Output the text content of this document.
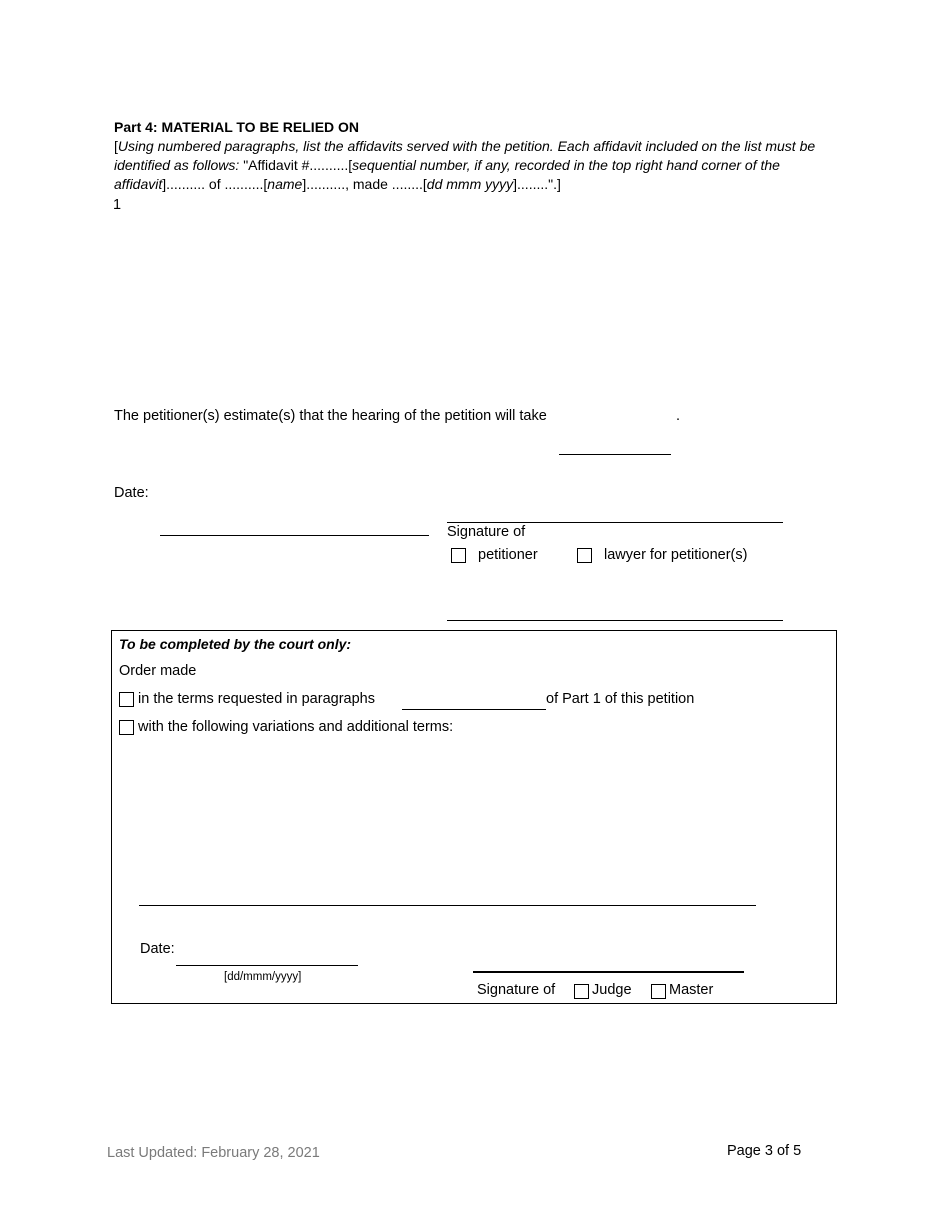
Part 4: MATERIAL TO BE RELIED ON
[Using numbered paragraphs, list the affidavits served with the petition. Each affidavit included on the list must be identified as follows: "Affidavit #..........[sequential number, if any, recorded in the top right hand corner of the affidavit].......... of ..........[name].........., made ........[dd mmm yyyy]........".]
1
The petitioner(s) estimate(s) that the hearing of the petition will take	.
Date:
Signature of
petitioner	lawyer for petitioner(s)
To be completed by the court only:
Order made
in the terms requested in paragraphs	of Part 1 of this petition
with the following variations and additional terms:
Date:
[dd/mmm/yyyy]
Signature of	Judge	Master
Last Updated: February 28, 2021	Page 3 of 5
